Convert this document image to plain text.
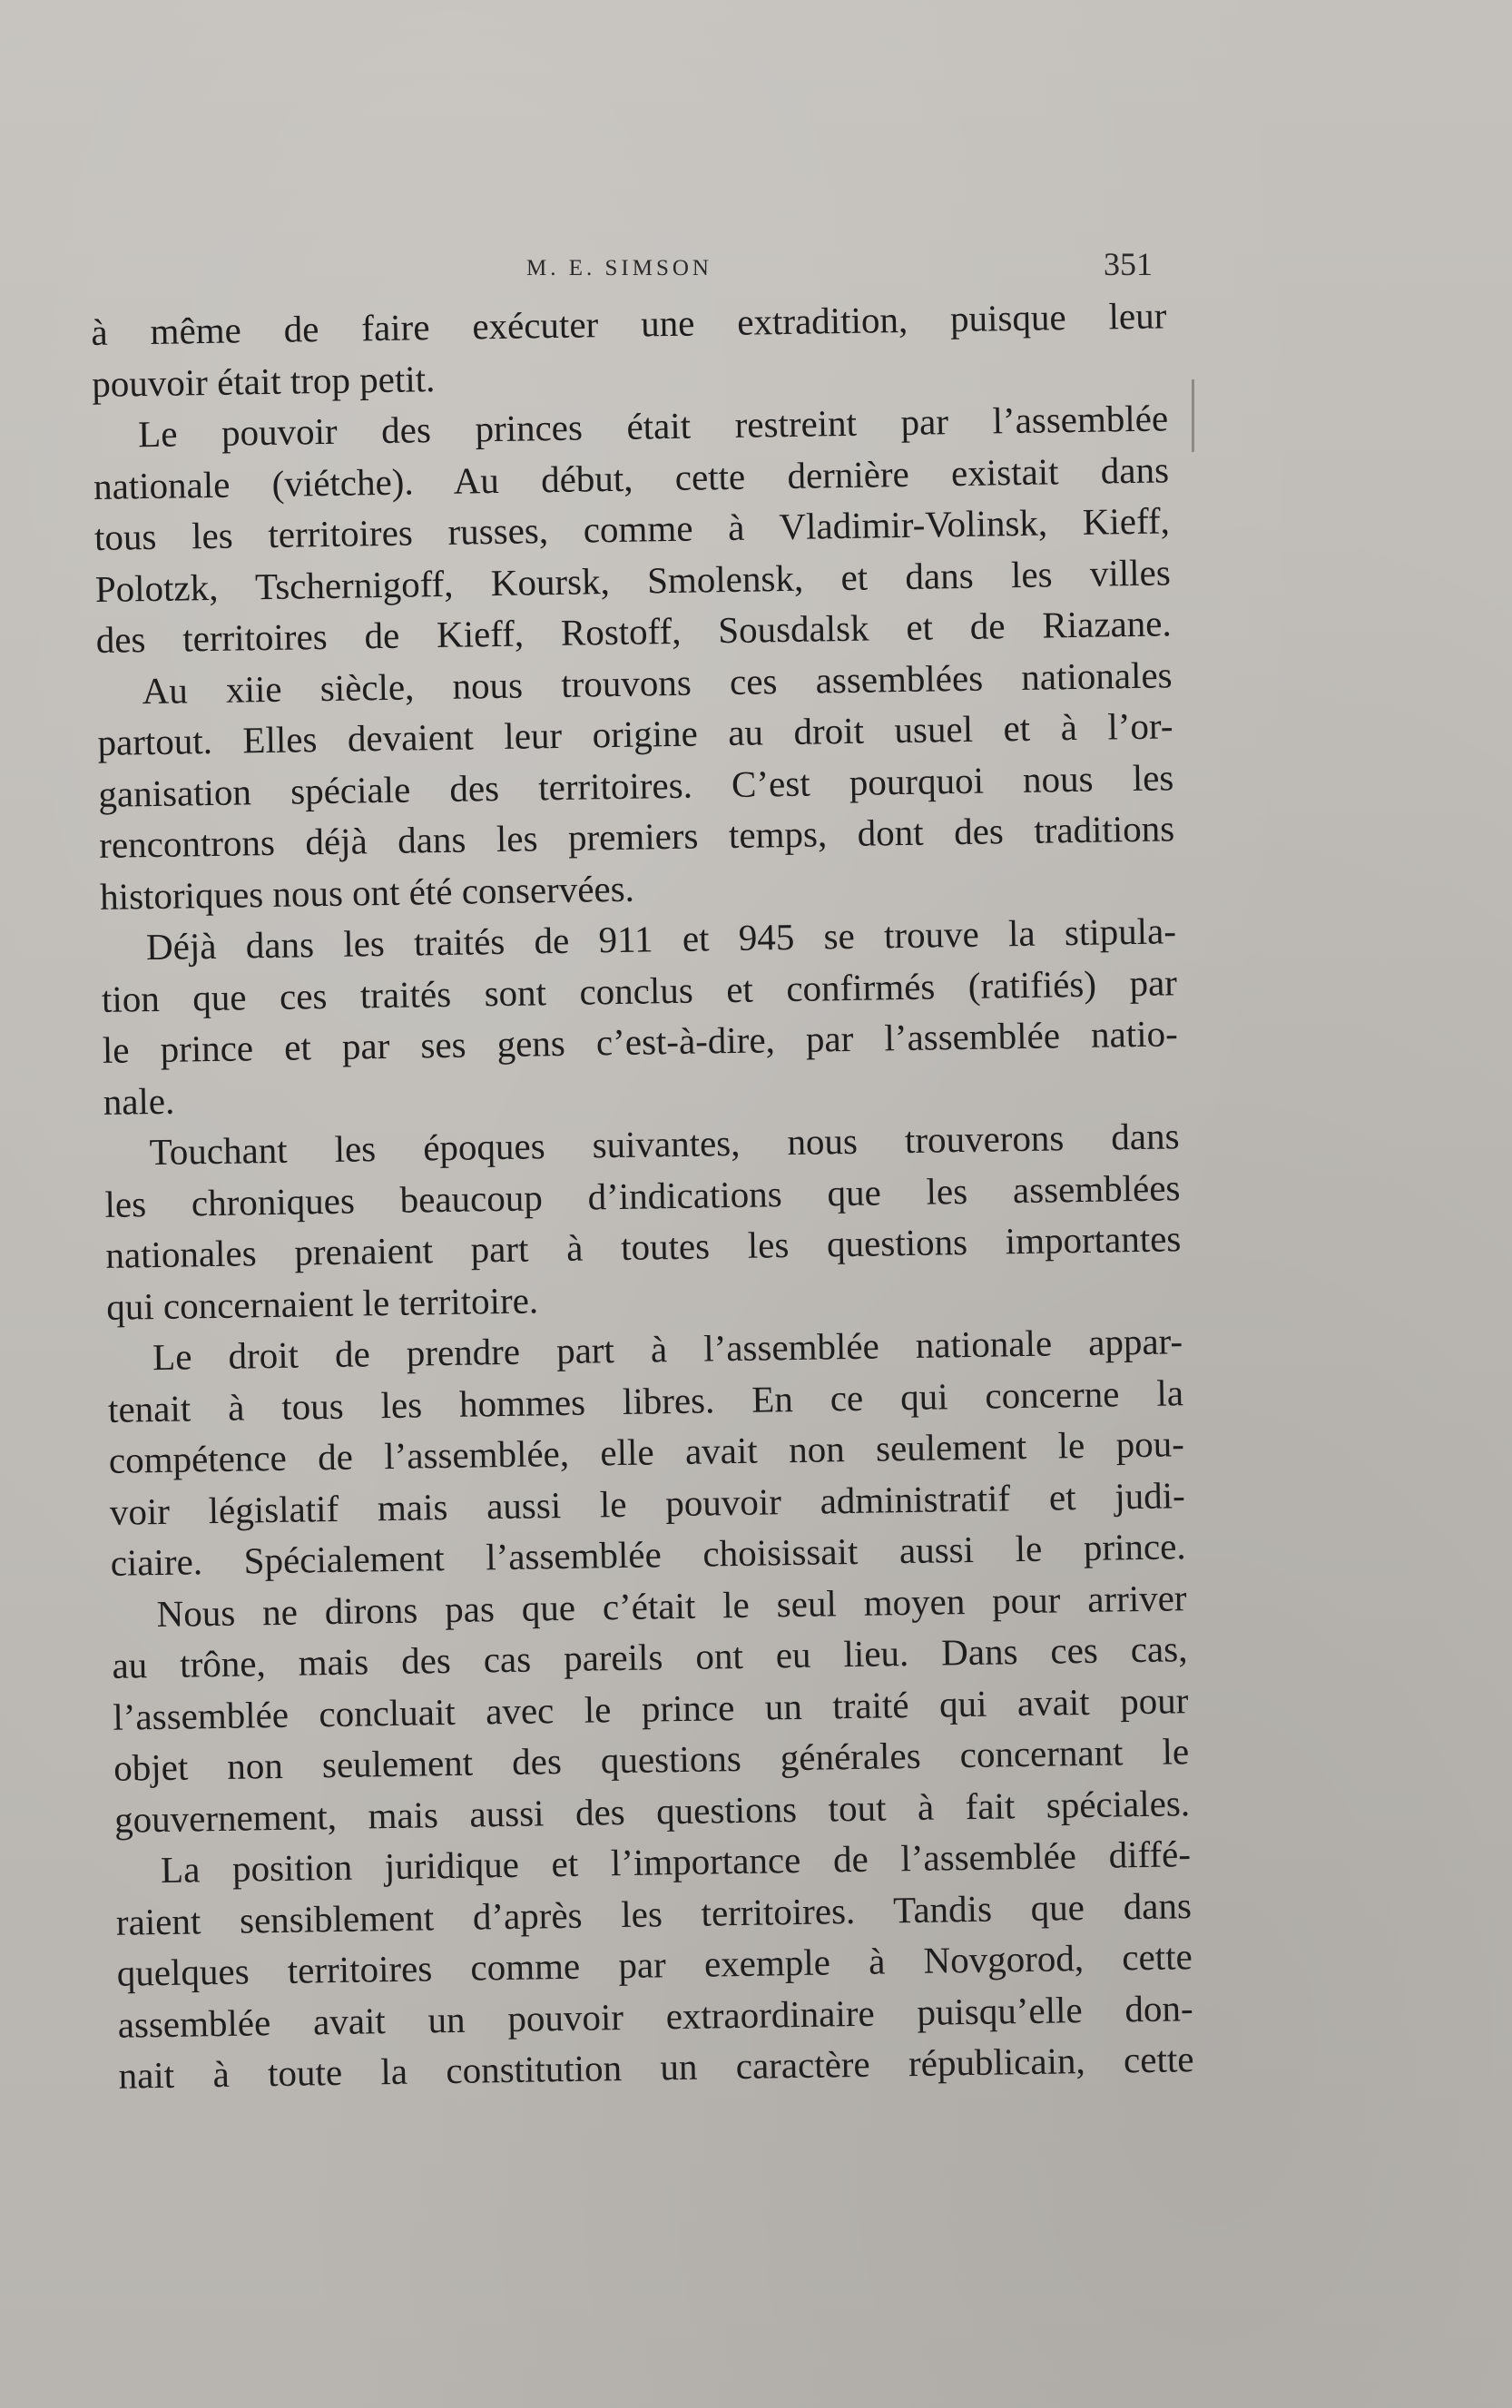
M. E. SIMSON	351
à même de faire exécuter une extradition, puisque leur
pouvoir était trop petit.
Le pouvoir des princes était restreint par l’assemblée
nationale (viétche). Au début, cette dernière existait dans
tous les territoires russes, comme à Vladimir-Volinsk, Kieff,
Polotzk, Tschernigoff, Koursk, Smolensk, et dans les villes
des territoires de Kieff, Rostoff, Sousdalsk et de Riazane.
Au xiie siècle, nous trouvons ces assemblées nationales
partout. Elles devaient leur origine au droit usuel et à l’or-
ganisation spéciale des territoires. C’est pourquoi nous les
rencontrons déjà dans les premiers temps, dont des traditions
historiques nous ont été conservées.
Déjà dans les traités de 911 et 945 se trouve la stipula-
tion que ces traités sont conclus et confirmés (ratifiés) par
le prince et par ses gens c’est-à-dire, par l’assemblée natio-
nale.
Touchant les époques suivantes, nous trouverons dans
les chroniques beaucoup d’indications que les assemblées
nationales prenaient part à toutes les questions importantes
qui concernaient le territoire.
Le droit de prendre part à l’assemblée nationale appar-
tenait à tous les hommes libres. En ce qui concerne la
compétence de l’assemblée, elle avait non seulement le pou-
voir législatif mais aussi le pouvoir administratif et judi-
ciaire. Spécialement l’assemblée choisissait aussi le prince.
Nous ne dirons pas que c’était le seul moyen pour arriver
au trône, mais des cas pareils ont eu lieu. Dans ces cas,
l’assemblée concluait avec le prince un traité qui avait pour
objet non seulement des questions générales concernant le
gouvernement, mais aussi des questions tout à fait spéciales.
La position juridique et l’importance de l’assemblée diffé-
raient sensiblement d’après les territoires. Tandis que dans
quelques territoires comme par exemple à Novgorod, cette
assemblée avait un pouvoir extraordinaire puisqu’elle don-
nait à toute la constitution un caractère républicain, cette
